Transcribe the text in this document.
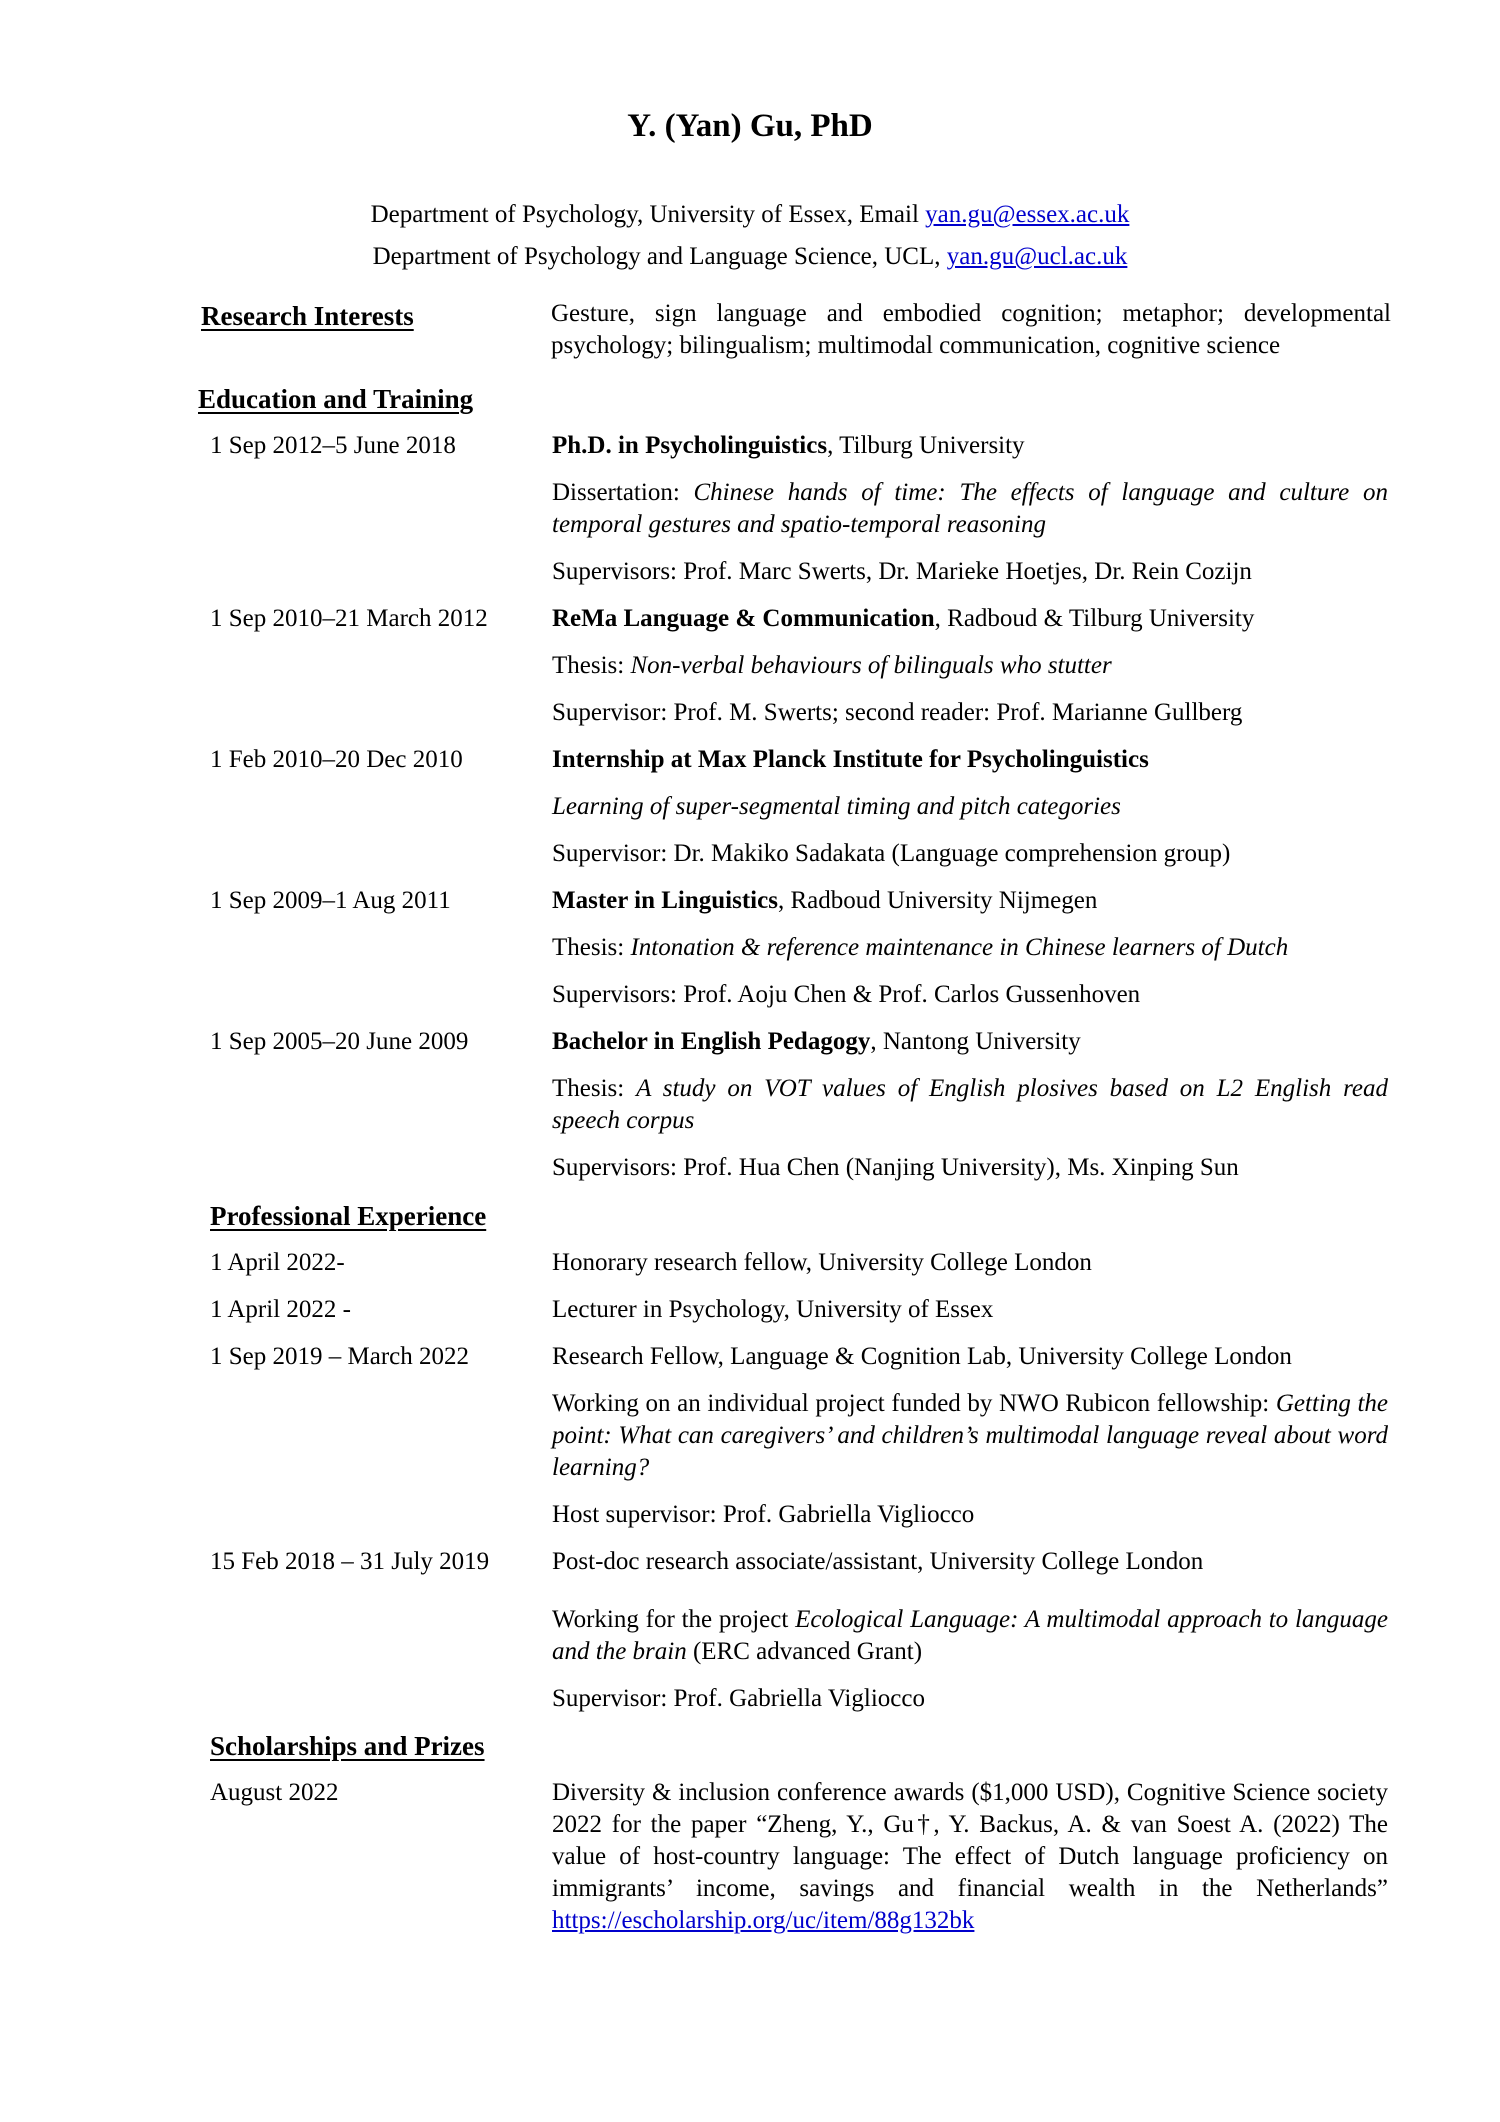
Y. (Yan) Gu, PhD
Department of Psychology, University of Essex, Email yan.gu@essex.ac.uk
Department of Psychology and Language Science, UCL, yan.gu@ucl.ac.uk
Research Interests	Gesture, sign language and embodied cognition; metaphor; developmental psychology; bilingualism; multimodal communication, cognitive science
Education and Training
1 Sep 2012–5 June 2018	Ph.D. in Psycholinguistics, Tilburg University
Dissertation: Chinese hands of time: The effects of language and culture on temporal gestures and spatio-temporal reasoning
Supervisors: Prof. Marc Swerts, Dr. Marieke Hoetjes, Dr. Rein Cozijn
1 Sep 2010–21 March 2012	ReMa Language & Communication, Radboud & Tilburg University
Thesis: Non-verbal behaviours of bilinguals who stutter
Supervisor: Prof. M. Swerts; second reader: Prof. Marianne Gullberg
1 Feb 2010–20 Dec 2010	Internship at Max Planck Institute for Psycholinguistics
Learning of super-segmental timing and pitch categories
Supervisor: Dr. Makiko Sadakata (Language comprehension group)
1 Sep 2009–1 Aug 2011	Master in Linguistics, Radboud University Nijmegen
Thesis: Intonation & reference maintenance in Chinese learners of Dutch
Supervisors: Prof. Aoju Chen & Prof. Carlos Gussenhoven
1 Sep 2005–20 June 2009	Bachelor in English Pedagogy, Nantong University
Thesis: A study on VOT values of English plosives based on L2 English read speech corpus
Supervisors: Prof. Hua Chen (Nanjing University), Ms. Xinping Sun
Professional Experience
1 April 2022-	Honorary research fellow, University College London
1 April 2022 -	Lecturer in Psychology, University of Essex
1 Sep 2019 – March 2022	Research Fellow, Language & Cognition Lab, University College London
Working on an individual project funded by NWO Rubicon fellowship: Getting the point: What can caregivers’ and children’s multimodal language reveal about word learning?
Host supervisor: Prof. Gabriella Vigliocco
15 Feb 2018 – 31 July 2019	Post-doc research associate/assistant, University College London
Working for the project Ecological Language: A multimodal approach to language and the brain (ERC advanced Grant)
Supervisor: Prof. Gabriella Vigliocco
Scholarships and Prizes
August 2022	Diversity & inclusion conference awards ($1,000 USD), Cognitive Science society 2022 for the paper “Zheng, Y., Gu†, Y. Backus, A. & van Soest A. (2022) The value of host-country language: The effect of Dutch language proficiency on immigrants’ income, savings and financial wealth in the Netherlands” https://escholarship.org/uc/item/88g132bk
